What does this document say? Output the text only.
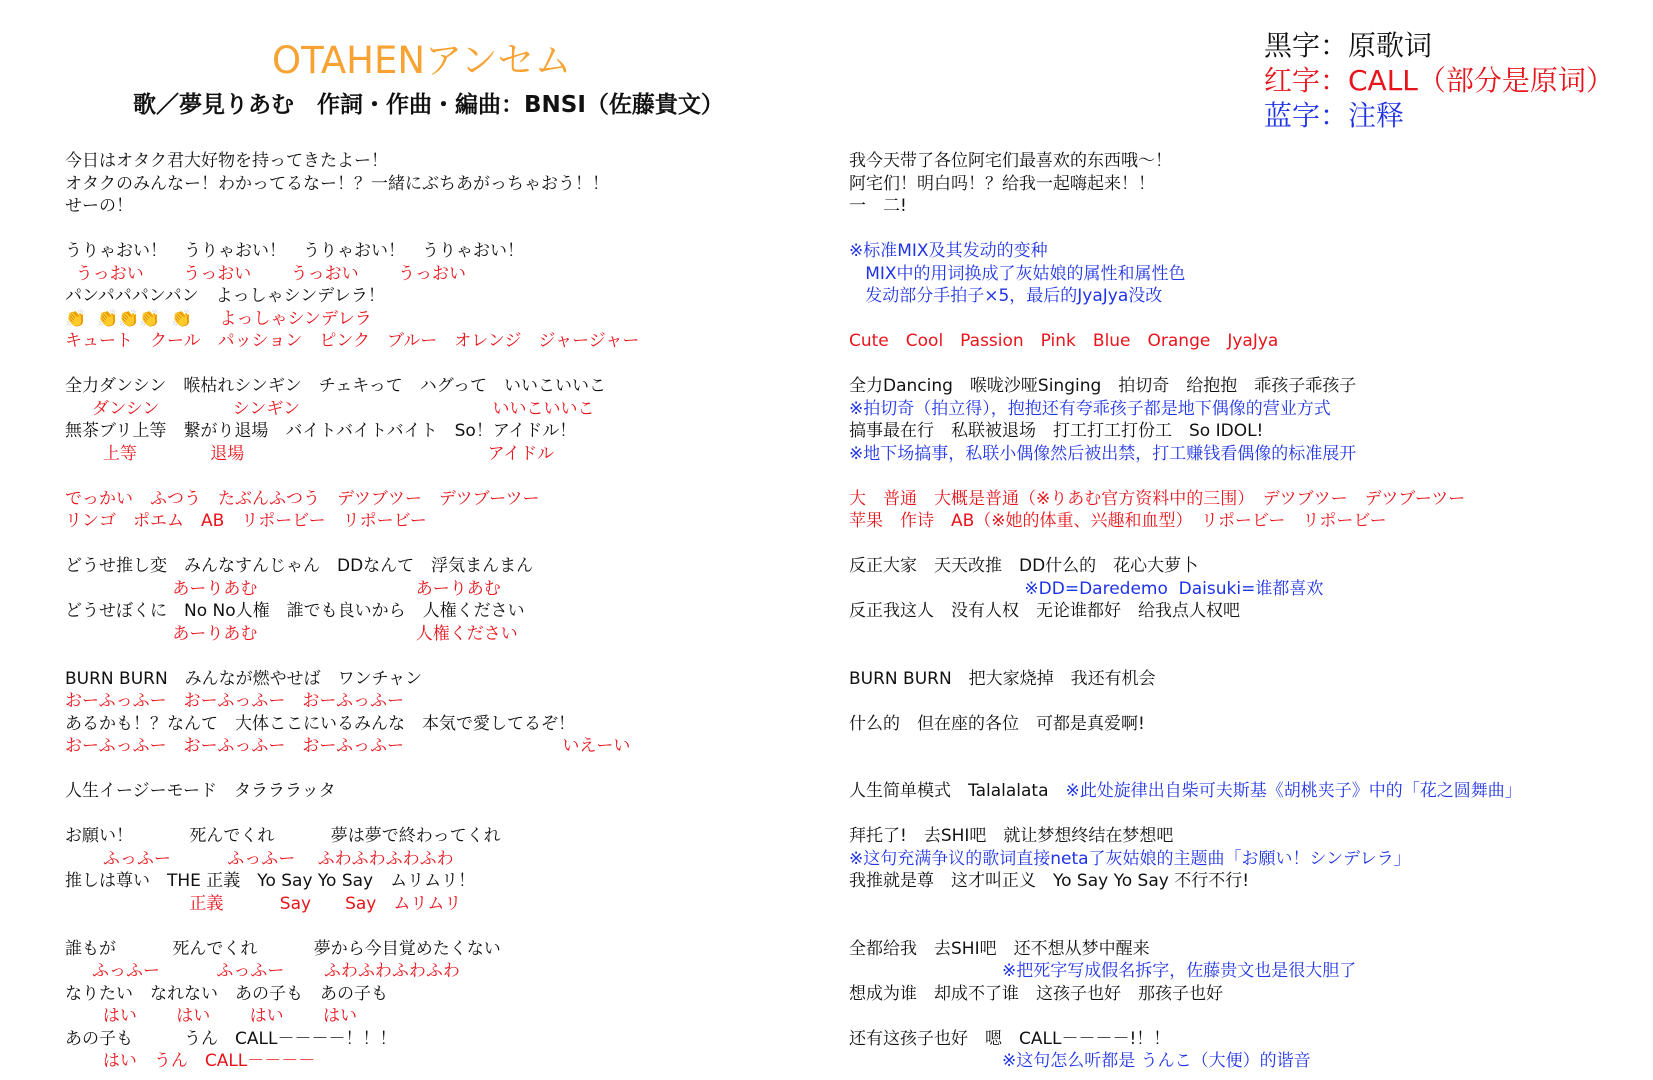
OTAHENアンセム
歌／夢見りあむ　作詞・作曲・編曲：BNSI（佐藤貴文）
黑字：原歌词
红字：CALL（部分是原词）
蓝字：注释
今日はオタク君大好物を持ってきたよー！
オタクのみんなー！わかってるなー！？一緒にぶちあがっちゃおう！！
せーの！
うりゃおい！　うりゃおい！　うりゃおい！　うりゃおい！
うっおい　　 うっおい　　 うっおい　　 うっおい
パンパパパンパン　よっしゃシンデレラ！
👏  👏👏👏  👏     よっしゃシンデレラ
キュート　クール　パッション　ピンク　ブルー　オレンジ　ジャージャー
全力ダンシン　喉枯れシンギン　チェキって　ハグって　いいこいいこ
ダンシン　　　　 シンギン　　　　　　　　　　　 いいこいいこ
無茶ブリ上等　繋がり退場　バイトバイトバイト　So！アイドル！
上等　　　　 退場　　　　　　　　　　　　　　 アイドル
でっかい　ふつう　たぶんふつう　デツブツー　デツブーツー
リンゴ　ポエム　AB　リポービー　リポービー
どうせ推し変　みんなすんじゃん　DDなんて　浮気まんまん
　　　　　　 あーりあむ　　　　　　　　　 あーりあむ
どうせぼくに　No No人権　誰でも良いから　人権ください
　　　　　　 あーりあむ　　　　　　　　　 人権ください
BURN BURN　みんなが燃やせば　ワンチャン
おーふっふー　おーふっふー　おーふっふー
あるかも！？なんて　大体ここにいるみんな　本気で愛してるぞ！
おーふっふー　おーふっふー　おーふっふー　　　　　　　　　 いえーい
人生イージーモード　タラララッタ
お願い！　　　 死んでくれ　　　 夢は夢で終わってくれ
ふっふー　　　 ふっふー　 ふわふわふわふわ
推しは尊い　THE 正義　Yo Say Yo Say　ムリムリ！
　　　　　　　 正義　　　 Say　　Say　ムリムリ
誰もが　　　 死んでくれ　　　 夢から今目覚めたくない
ふっふー　　　 ふっふー　　 ふわふわふわふわ
なりたい　なれない　あの子も　あの子も
はい　　 はい　　 はい　　 はい
あの子も　　　うん　CALL－－－－！！！
はい　うん　CALL－－－－
我今天带了各位阿宅们最喜欢的东西哦～！
阿宅们！明白吗！？给我一起嗨起来！！
一　二!
※标准MIX及其发动的变种
MIX中的用词换成了灰姑娘的属性和属性色
发动部分手拍子×5，最后的JyaJya没改
Cute　Cool　Passion　Pink　Blue　Orange　JyaJya
全力Dancing　喉咙沙哑Singing　拍切奇　给抱抱　乖孩子乖孩子
※拍切奇（拍立得），抱抱还有夸乖孩子都是地下偶像的营业方式
搞事最在行　私联被退场　打工打工打份工　So IDOL!
※地下场搞事，私联小偶像然后被出禁，打工赚钱看偶像的标准展开
大　普通　大概是普通（※りあむ官方资料中的三围）　デツブツー　デツブーツー
苹果　作诗　AB（※她的体重、兴趣和血型）　リポービー　リポービー
反正大家　天天改推　DD什么的　花心大萝卜
　　　　　　　　　　 ※DD=Daredemo  Daisuki=谁都喜欢
反正我这人　没有人权　无论谁都好　给我点人权吧
BURN BURN　把大家烧掉　我还有机会
什么的　但在座的各位　可都是真爱啊!
人生简单模式　Talalalata　※此处旋律出自柴可夫斯基《胡桃夹子》中的「花之圆舞曲」
拜托了!　去SHI吧　就让梦想终结在梦想吧
※这句充满争议的歌词直接neta了灰姑娘的主题曲「お願い！シンデレラ」
我推就是尊　这才叫正义　Yo Say Yo Say 不行不行!
全都给我　去SHI吧　还不想从梦中醒来
　　　　　　　　　※把死字写成假名拆字，佐藤贵文也是很大胆了
想成为谁　却成不了谁　这孩子也好　那孩子也好
还有这孩子也好　嗯　CALL－－－－!！！
　　　　　　　　　※这句怎么听都是 うんこ（大便）的谐音
